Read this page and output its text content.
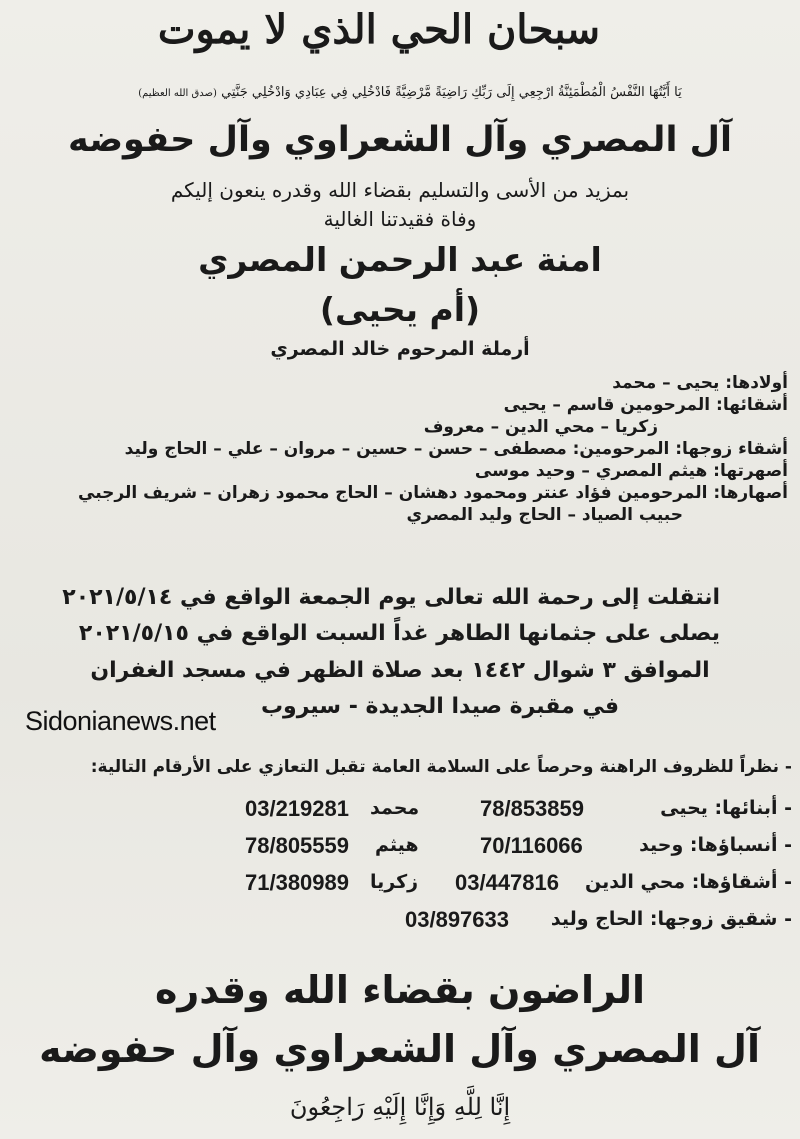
سبحان الحي الذي لا يموت
يَا أَيَّتُهَا النَّفْسُ الْمُطْمَئِنَّةُ ارْجِعِي إِلَى رَبِّكِ رَاضِيَةً مَّرْضِيَّةً فَادْخُلِي فِي عِبَادِي وَادْخُلِي جَنَّتِي (صدق الله العظيم)
آل المصري وآل الشعراوي وآل حفوضه
بمزيد من الأسى والتسليم بقضاء الله وقدره ينعون إليكم
وفاة فقيدتنا الغالية
امنة عبد الرحمن المصري
(أم يحيى)
أرملة المرحوم خالد المصري
أولادها: يحيى – محمد
أشقائها: المرحومين قاسم – يحيى
زكريا – محي الدين – معروف
أشقاء زوجها: المرحومين: مصطفى – حسن – حسين – مروان – علي – الحاج وليد
أصهرتها: هيثم المصري – وحيد موسى
أصهارها: المرحومين فؤاد عنتر ومحمود دهشان – الحاج محمود زهران – شريف الرجبي
حبيب الصياد – الحاج وليد المصري
انتقلت إلى رحمة الله تعالى يوم الجمعة الواقع في ٢٠٢١/٥/١٤
يصلى على جثمانها الطاهر غداً السبت الواقع في ٢٠٢١/٥/١٥
الموافق ٣ شوال ١٤٤٢ بعد صلاة الظهر في مسجد الغفران
في مقبرة صيدا الجديدة - سيروب
Sidonianews.net
- نظراً للظروف الراهنة وحرصاً على السلامة العامة تقبل التعازي على الأرقام التالية:
- أبنائها: يحيى
78/853859
محمد
03/219281
- أنسباؤها: وحيد
70/116066
هيثم
78/805559
- أشقاؤها: محي الدين
03/447816
زكريا
71/380989
- شقيق زوجها: الحاج وليد
03/897633
الراضون بقضاء الله وقدره
آل المصري وآل الشعراوي وآل حفوضه
إِنَّا لِلَّهِ وَإِنَّا إِلَيْهِ رَاجِعُونَ
